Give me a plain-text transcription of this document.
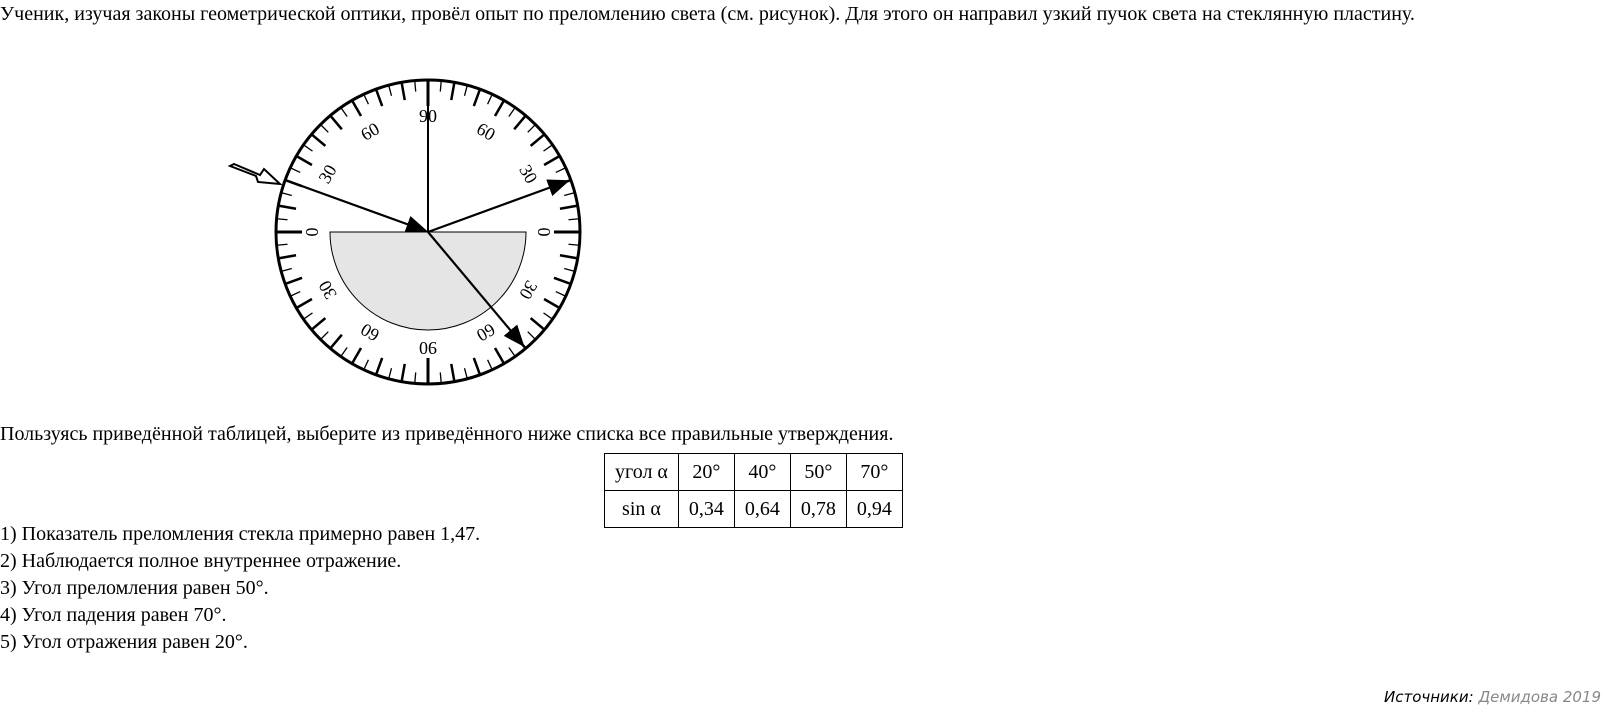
Ученик, изучая законы геометрической оптики, провёл опыт по преломлению света (см. рисунок). Для этого он направил узкий пучок света на стеклянную пластину.
30
60
90
60
30
0	0
30
60
90
60
30
Пользуясь приведённой таблицей, выберите из приведённого ниже списка все правильные утверждения.
угол α	20°	40°	50°	70°
sin α	0,34	0,64	0,78	0,94
1) Показатель преломления стекла примерно равен 1,47.
2) Наблюдается полное внутреннее отражение.
3) Угол преломления равен 50°.
4) Угол падения равен 70°.
5) Угол отражения равен 20°.
Источники: Демидова 2019
